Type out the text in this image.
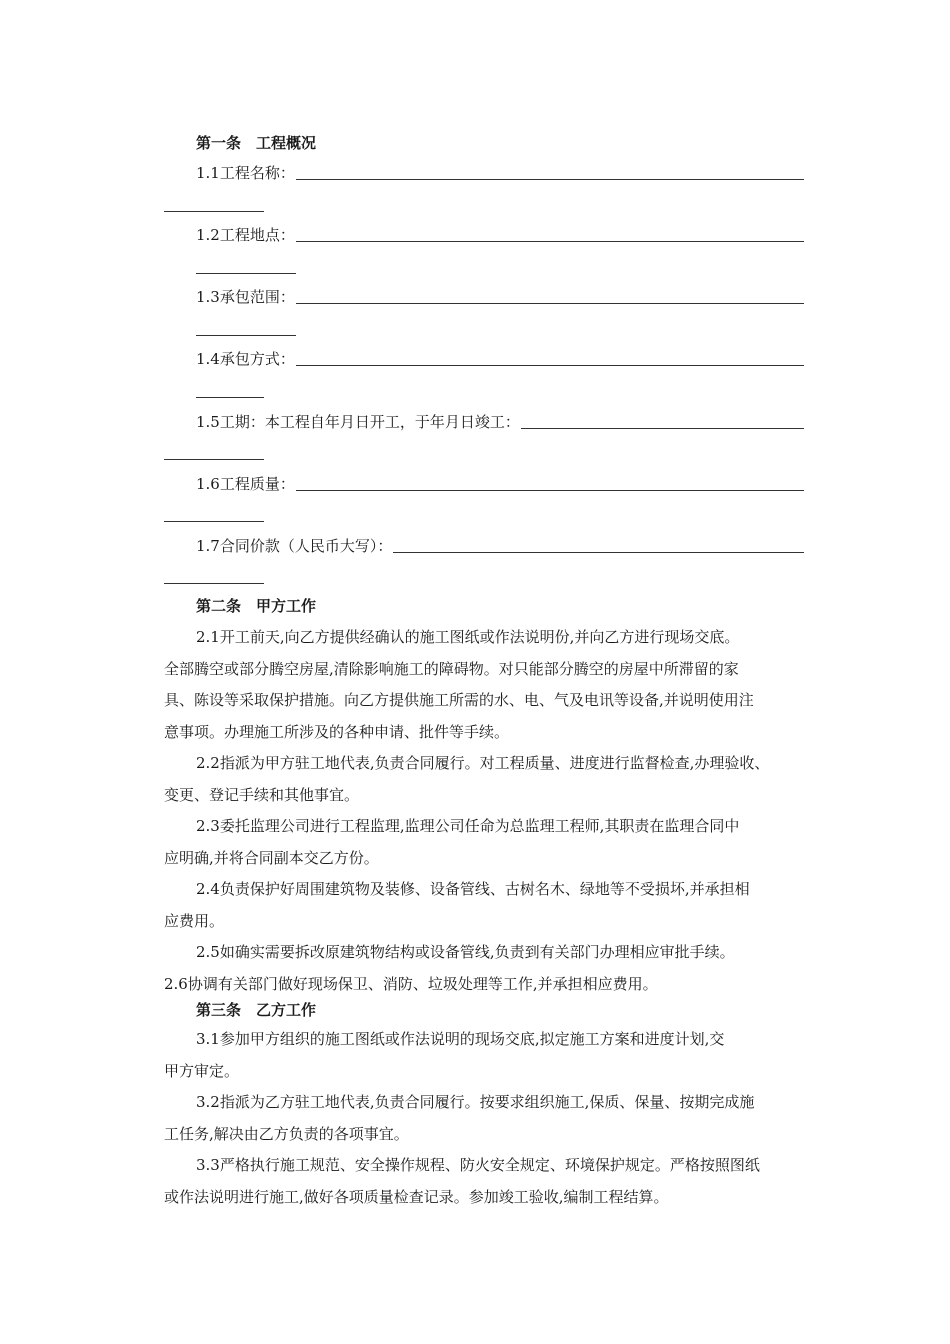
第一条　工程概况
1.1工程名称：
1.2工程地点：
1.3承包范围：
1.4承包方式：
1.5工期：本工程自年月日开工，于年月日竣工：
1.6工程质量：
1.7合同价款（人民币大写）：
第二条　甲方工作
2.1开工前天,向乙方提供经确认的施工图纸或作法说明份,并向乙方进行现场交底。
全部腾空或部分腾空房屋,清除影响施工的障碍物。对只能部分腾空的房屋中所滞留的家
具、陈设等采取保护措施。向乙方提供施工所需的水、电、气及电讯等设备,并说明使用注
意事项。办理施工所涉及的各种申请、批件等手续。
2.2指派为甲方驻工地代表,负责合同履行。对工程质量、进度进行监督检查,办理验收、
变更、登记手续和其他事宜。
2.3委托监理公司进行工程监理,监理公司任命为总监理工程师,其职责在监理合同中
应明确,并将合同副本交乙方份。
2.4负责保护好周围建筑物及装修、设备管线、古树名木、绿地等不受损坏,并承担相
应费用。
2.5如确实需要拆改原建筑物结构或设备管线,负责到有关部门办理相应审批手续。
2.6协调有关部门做好现场保卫、消防、垃圾处理等工作,并承担相应费用。
第三条　乙方工作
3.1参加甲方组织的施工图纸或作法说明的现场交底,拟定施工方案和进度计划,交
甲方审定。
3.2指派为乙方驻工地代表,负责合同履行。按要求组织施工,保质、保量、按期完成施
工任务,解决由乙方负责的各项事宜。
3.3严格执行施工规范、安全操作规程、防火安全规定、环境保护规定。严格按照图纸
或作法说明进行施工,做好各项质量检查记录。参加竣工验收,编制工程结算。
